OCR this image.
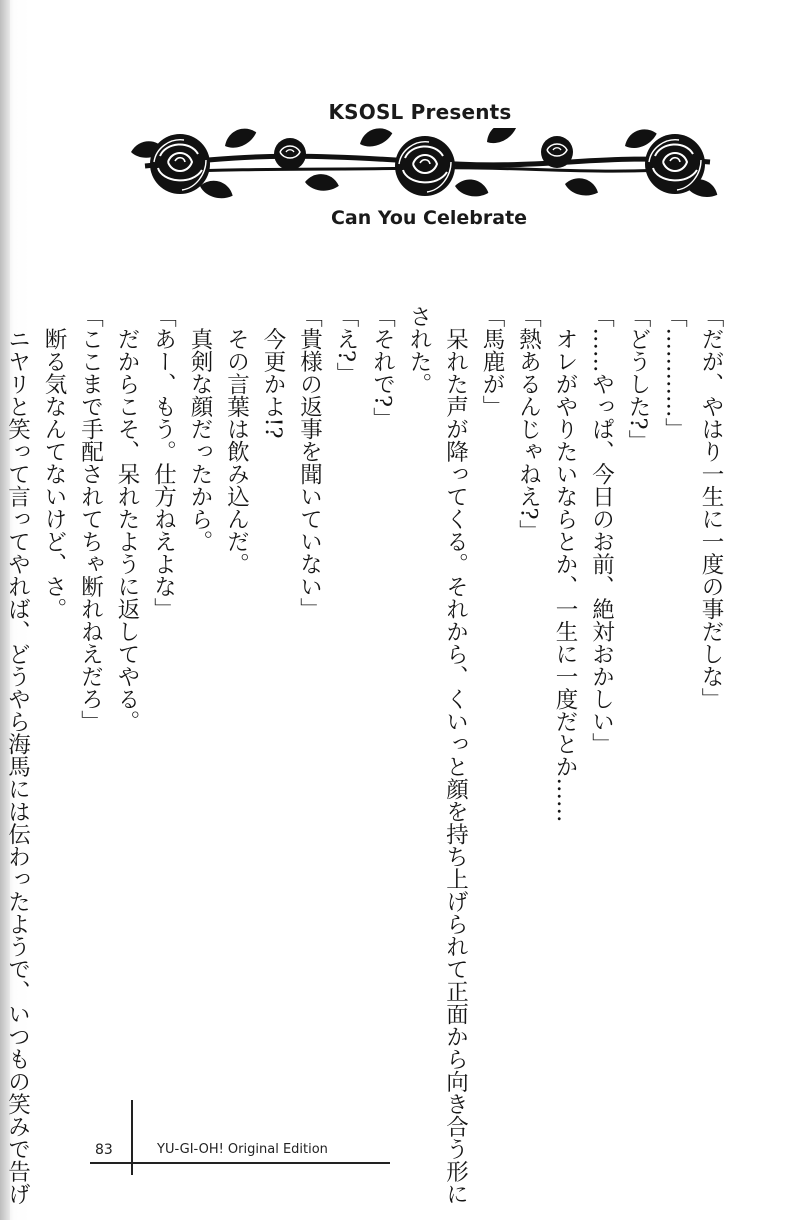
KSOSL Presents
Can You Celebrate
「だが、やはり一生に一度の事だしな」
「…………」
「どうした?」
「……やっぱ、今日のお前、絶対おかしい」
　オレがやりたいならとか、一生に一度だとか……
「熱あるんじゃねえ?」
「馬鹿が」
　呆れた声が降ってくる。それから、くいっと顔を持ち上げられて正面から向き合う形に
された。
「それで?」
「え?」
「貴様の返事を聞いていない」
　今更かよ!?
　その言葉は飲み込んだ。
　真剣な顔だったから。
「あー、もう。仕方ねえよな」
　だからこそ、呆れたように返してやる。
「ここまで手配されてちゃ断れねえだろ」
　断る気なんてないけど、さ。
　ニヤリと笑って言ってやれば、どうやら海馬には伝わったようで、いつもの笑みで告げ	83	YU-GI-OH! Original Edition
